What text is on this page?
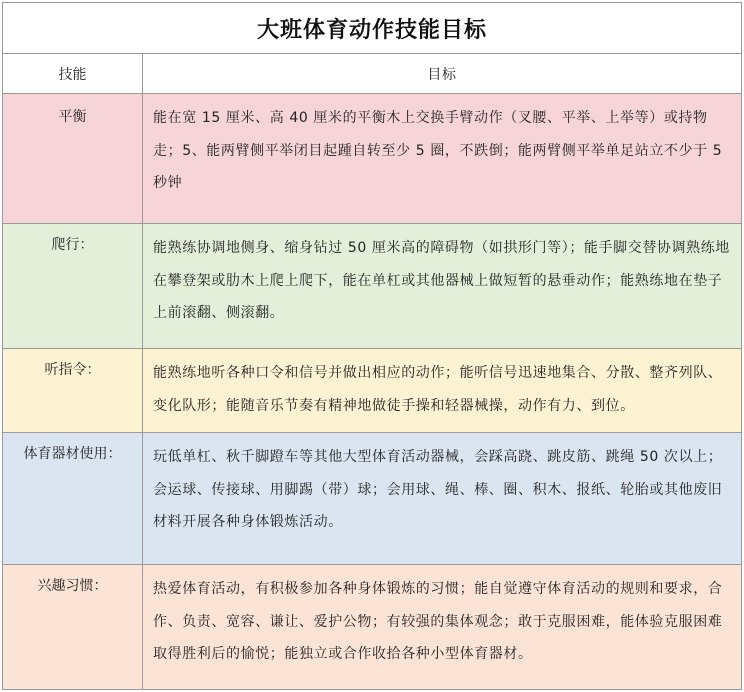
大班体育动作技能目标
技能	目标
平衡	能在宽 15 厘米、高 40 厘米的平衡木上交换手臂动作（叉腰、平举、上举等）或持物走；5、能两臂侧平举闭目起踵自转至少 5 圈，不跌倒；能两臂侧平举单足站立不少于 5 秒钟
爬行：	能熟练协调地侧身、缩身钻过 50 厘米高的障碍物（如拱形门等）；能手脚交替协调熟练地在攀登架或肋木上爬上爬下，能在单杠或其他器械上做短暂的悬垂动作；能熟练地在垫子上前滚翻、侧滚翻。
听指令：	能熟练地听各种口令和信号并做出相应的动作；能听信号迅速地集合、分散、整齐列队、变化队形；能随音乐节奏有精神地做徒手操和轻器械操，动作有力、到位。
体育器材使用：	玩低单杠、秋千脚蹬车等其他大型体育活动器械，会踩高跷、跳皮筋、跳绳 50 次以上；会运球、传接球、用脚踢（带）球；会用球、绳、棒、圈、积木、报纸、轮胎或其他废旧材料开展各种身体锻炼活动。
兴趣习惯：	热爱体育活动，有积极参加各种身体锻炼的习惯；能自觉遵守体育活动的规则和要求，合作、负责、宽容、谦让、爱护公物；有较强的集体观念；敢于克服困难，能体验克服困难取得胜利后的愉悦；能独立或合作收拾各种小型体育器材。
